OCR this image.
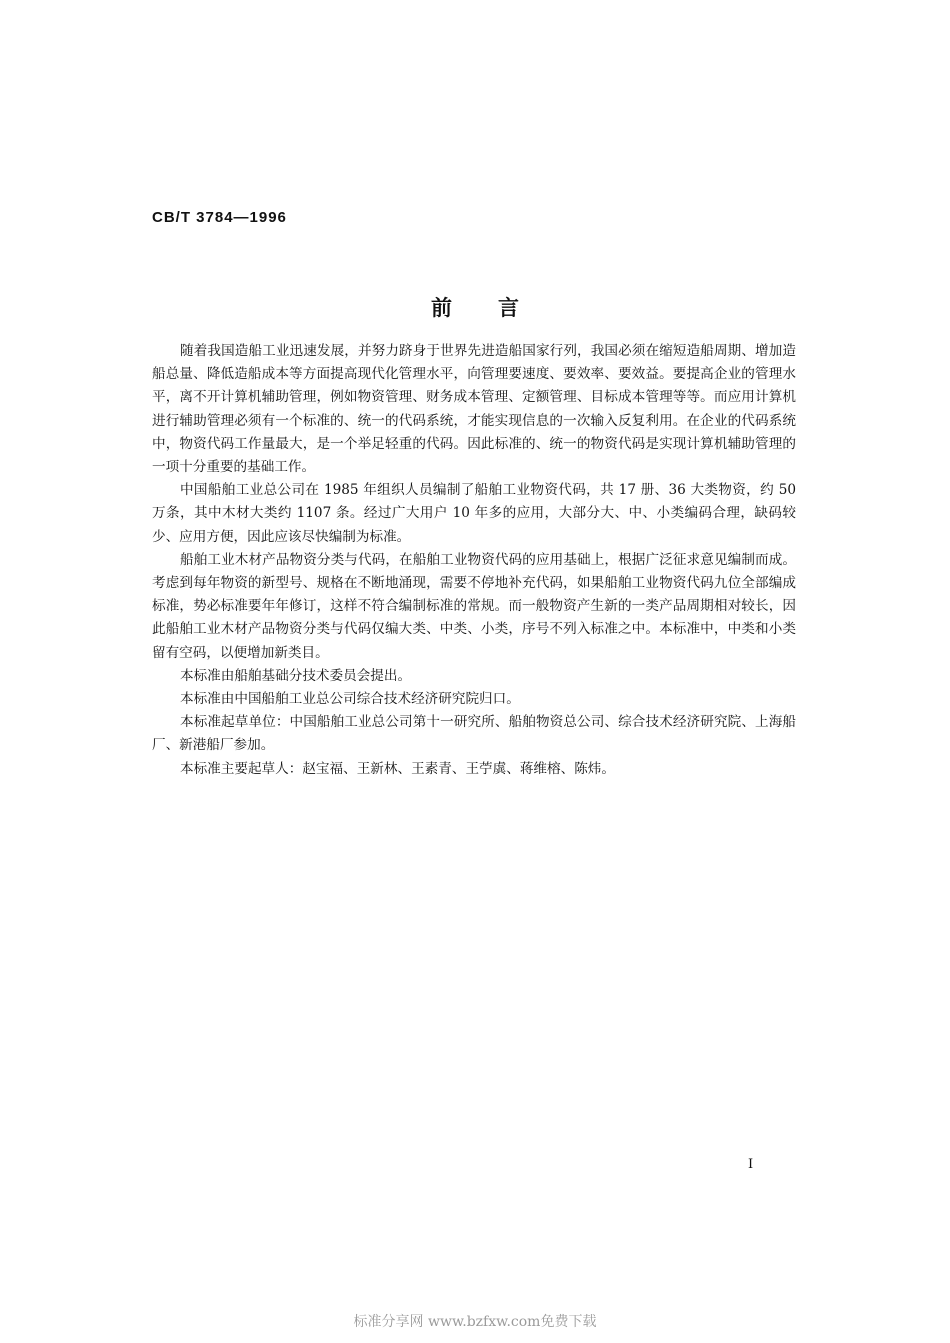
CB/T 3784—1996
前言

随着我国造船工业迅速发展，并努力跻身于世界先进造船国家行列，我国必须在缩短造船周期、增加造船总量、降低造船成本等方面提高现代化管理水平，向管理要速度、要效率、要效益。要提高企业的管理水平，离不开计算机辅助管理，例如物资管理、财务成本管理、定额管理、目标成本管理等等。而应用计算机进行辅助管理必须有一个标准的、统一的代码系统，才能实现信息的一次输入反复利用。在企业的代码系统中，物资代码工作量最大，是一个举足轻重的代码。因此标准的、统一的物资代码是实现计算机辅助管理的一项十分重要的基础工作。

中国船舶工业总公司在 1985 年组织人员编制了船舶工业物资代码，共 17 册、36 大类物资，约 50 万条，其中木材大类约 1107 条。经过广大用户 10 年多的应用，大部分大、中、小类编码合理，缺码较少、应用方便，因此应该尽快编制为标准。

船舶工业木材产品物资分类与代码，在船舶工业物资代码的应用基础上，根据广泛征求意见编制而成。考虑到每年物资的新型号、规格在不断地涌现，需要不停地补充代码，如果船舶工业物资代码九位全部编成标准，势必标准要年年修订，这样不符合编制标准的常规。而一般物资产生新的一类产品周期相对较长，因此船舶工业木材产品物资分类与代码仅编大类、中类、小类，序号不列入标准之中。本标准中，中类和小类留有空码，以便增加新类目。

本标准由船舶基础分技术委员会提出。

本标准由中国船舶工业总公司综合技术经济研究院归口。

本标准起草单位：中国船舶工业总公司第十一研究所、船舶物资总公司、综合技术经济研究院、上海船厂、新港船厂参加。

本标准主要起草人：赵宝福、王新林、王素青、王苧虡、蒋维榕、陈炜。

I
标准分享网 www.bzfxw.com免费下载
